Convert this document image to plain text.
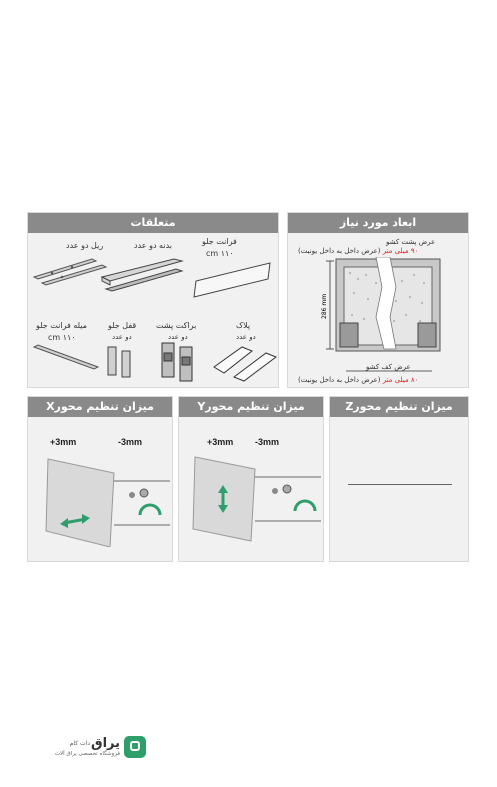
متعلقات
ریل دو عدد	بدنه دو عدد	فرانت جلو
۱۱۰ cm
میله فرانت جلو
۱۱۰ cm
قفل جلو
دو عدد
براکت پشت
دو عدد
پلاک
دو عدد
ابعاد مورد نیاز
عرض پشت کشو
۹۰ میلی متر (عرض داخل به داخل یونیت)
286 mm
عرض کف کشو
۸۰ میلی متر (عرض داخل به داخل یونیت)
میزان تنظیم محورX
+3mm	-3mm
میزان تنظیم محورY
+3mm -3mm
میزان تنظیم محورZ
یراق
دات کام
فروشگاه تخصصی یراق آلات
